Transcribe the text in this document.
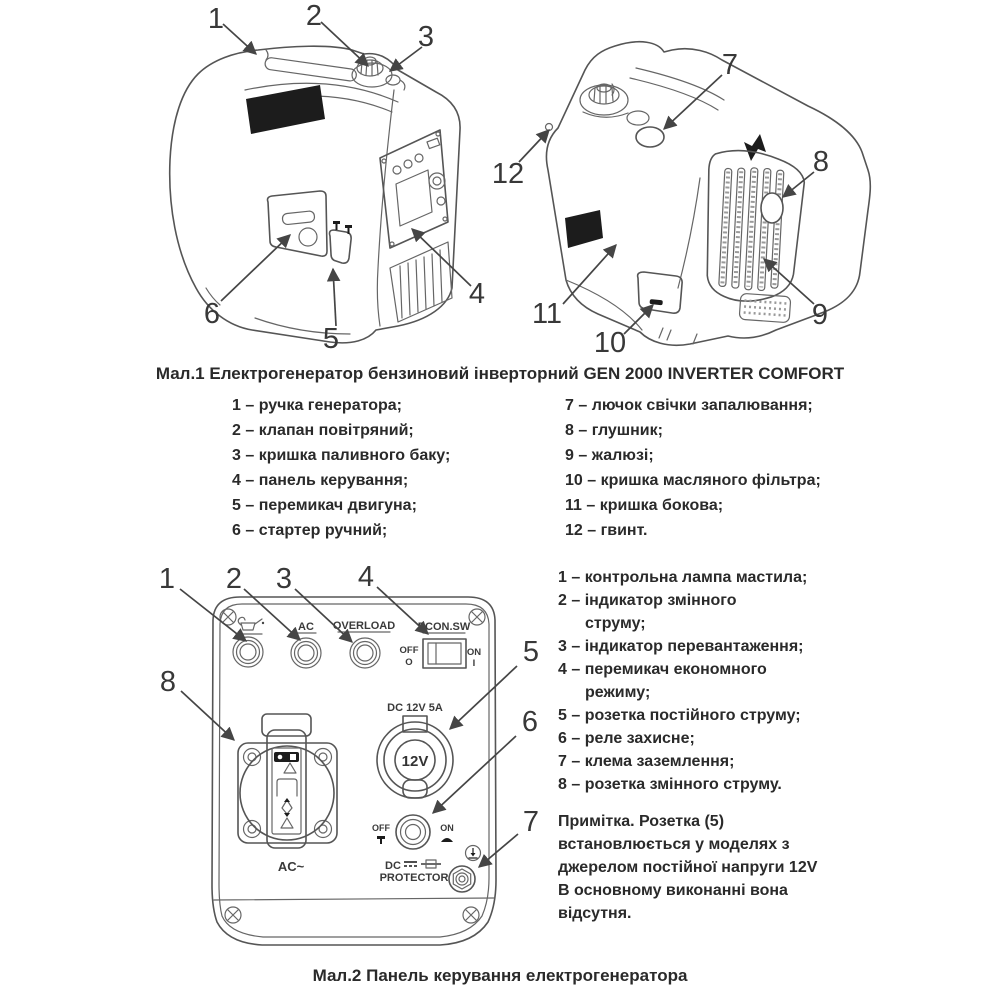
1	2
3
4
5
6
7
8
9
10
11
12
Мал.1 Електрогенератор бензиновий інверторний GEN 2000 INVERTER COMFORT
1 – ручка генератора;
2 – клапан повітряний;
3 – кришка паливного баку;
4 – панель керування;
5 – перемикач двигуна;
6 – стартер ручний;
7 – лючок свічки запалювання;
8 – глушник;
9 – жалюзі;
10 – кришка масляного фільтра;
11 – кришка бокова;
12 – гвинт.
AC OVERLOAD ECON.SW
OFF
O
ON
I
AC~
DC 12V 5A
12V
OFF	ON
DC
PROTECTOR
1 2 3 4
5
6
7
8
1 – контрольна лампа мастила;
2 – індикатор змінного
струму;
3 – індикатор перевантаження;
4 – перемикач економного
режиму;
5 – розетка постійного струму;
6 – реле захисне;
7 – клема заземлення;
8 – розетка змінного струму.
Примітка. Розетка (5)
встановлюється у моделях з
джерелом постійної напруги 12V
В основному виконанні вона
відсутня.
Мал.2 Панель керування електрогенератора
